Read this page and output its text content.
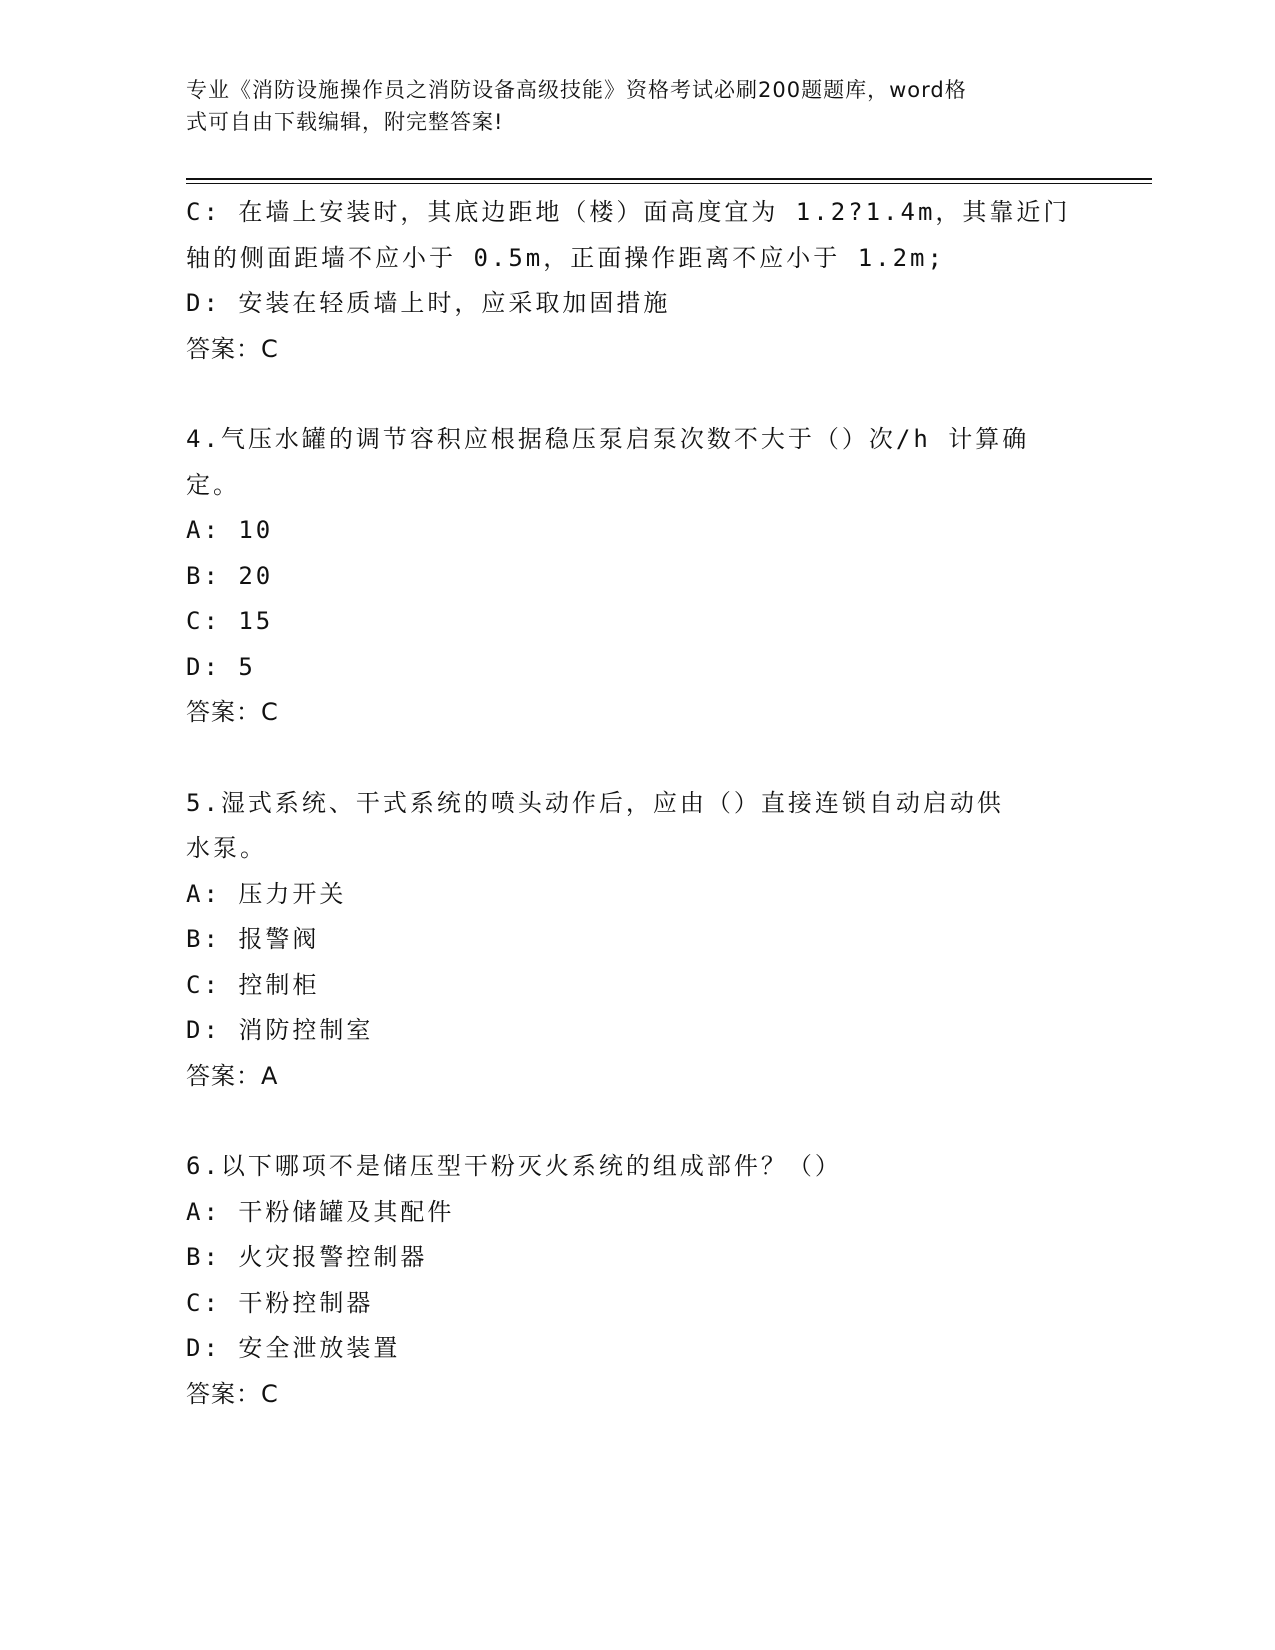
专业《消防设施操作员之消防设备高级技能》资格考试必刷200题题库，word格
式可自由下载编辑，附完整答案!
C: 在墙上安装时，其底边距地（楼）面高度宜为 1.2?1.4m，其靠近门
轴的侧面距墙不应小于 0.5m，正面操作距离不应小于 1.2m;
D: 安装在轻质墙上时，应采取加固措施
答案：C
4.气压水罐的调节容积应根据稳压泵启泵次数不大于（）次/h 计算确
定。
A: 10
B: 20
C: 15
D: 5
答案：C
5.湿式系统、干式系统的喷头动作后，应由（）直接连锁自动启动供
水泵。
A: 压力开关
B: 报警阀
C: 控制柜
D: 消防控制室
答案：A
6.以下哪项不是储压型干粉灭火系统的组成部件？（）
A: 干粉储罐及其配件
B: 火灾报警控制器
C: 干粉控制器
D: 安全泄放装置
答案：C
